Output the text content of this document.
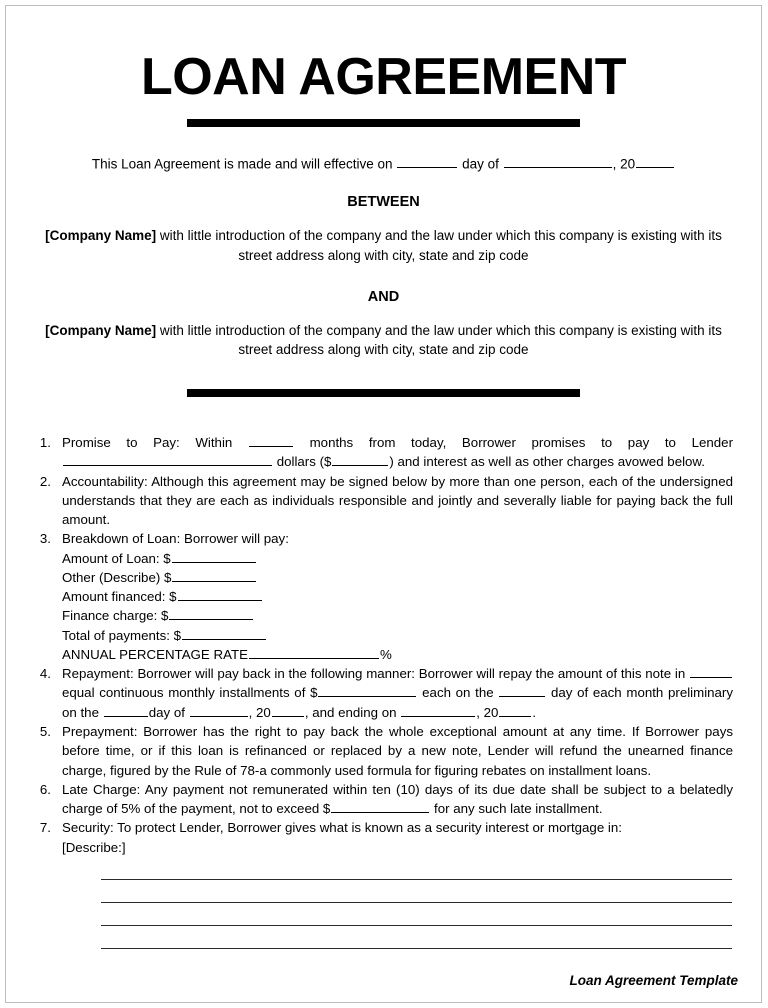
LOAN AGREEMENT
This Loan Agreement is made and will effective on	day of	, 20
BETWEEN
[Company Name] with little introduction of the company and the law under which this company is existing with its street address along with city, state and zip code
AND
[Company Name] with little introduction of the company and the law under which this company is existing with its street address along with city, state and zip code
1. Promise to Pay: Within	months from today, Borrower promises to pay to Lender dollars ($	) and interest as well as other charges avowed below.
2. Accountability: Although this agreement may be signed below by more than one person, each of the undersigned understands that they are each as individuals responsible and jointly and severally liable for paying back the full amount.
3. Breakdown of Loan: Borrower will pay:
Amount of Loan: $
Other (Describe) $
Amount financed: $
Finance charge: $
Total of payments: $
ANNUAL PERCENTAGE RATE	%
4. Repayment: Borrower will pay back in the following manner: Borrower will repay the amount of this note in equal continuous monthly installments of $	each on the	day of each month preliminary on the	day of	, 20	, and ending on	, 20	.
5. Prepayment: Borrower has the right to pay back the whole exceptional amount at any time. If Borrower pays before time, or if this loan is refinanced or replaced by a new note, Lender will refund the unearned finance charge, figured by the Rule of 78-a commonly used formula for figuring rebates on installment loans.
6. Late Charge: Any payment not remunerated within ten (10) days of its due date shall be subject to a belatedly charge of 5% of the payment, not to exceed $	for any such late installment.
7. Security: To protect Lender, Borrower gives what is known as a security interest or mortgage in:
[Describe:]
Loan Agreement Template
